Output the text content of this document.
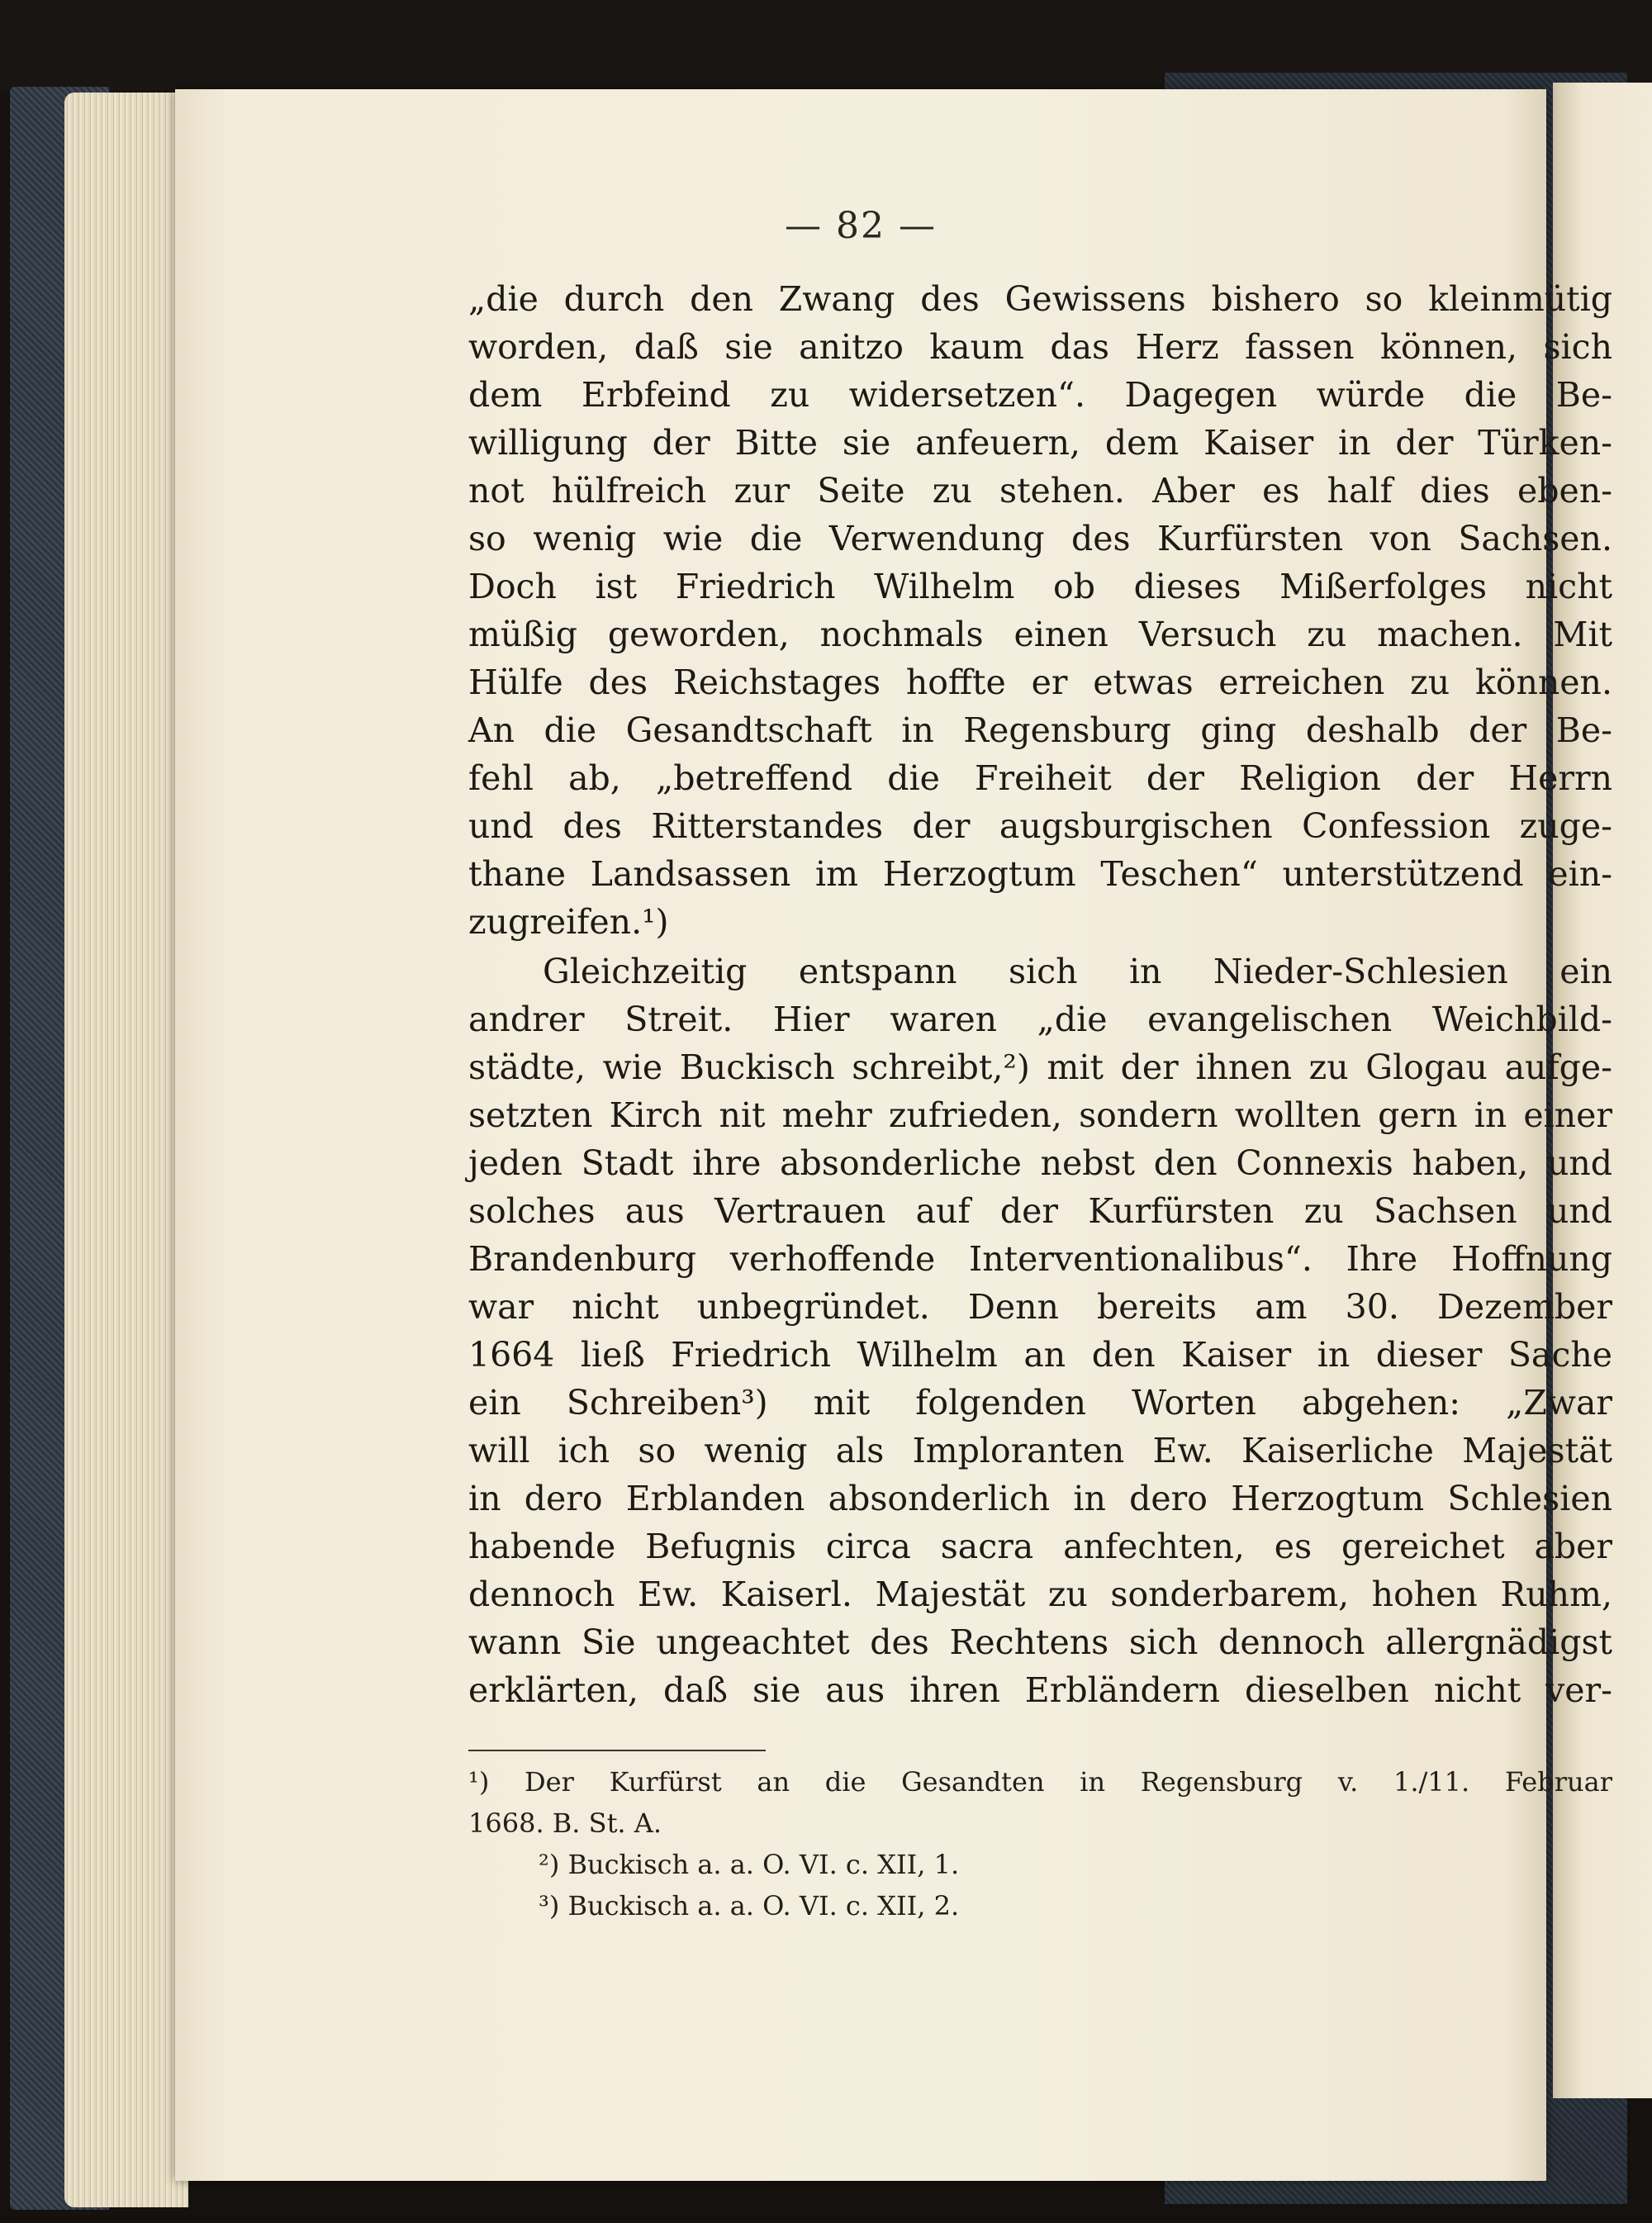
— 82 —
„die durch den Zwang des Gewissens bishero so kleinmütig
worden, daß sie anitzo kaum das Herz fassen können, sich
dem Erbfeind zu widersetzen“. Dagegen würde die Be-
willigung der Bitte sie anfeuern, dem Kaiser in der Türken-
not hülfreich zur Seite zu stehen. Aber es half dies eben-
so wenig wie die Verwendung des Kurfürsten von Sachsen.
Doch ist Friedrich Wilhelm ob dieses Mißerfolges nicht
müßig geworden, nochmals einen Versuch zu machen. Mit
Hülfe des Reichstages hoffte er etwas erreichen zu können.
An die Gesandtschaft in Regensburg ging deshalb der Be-
fehl ab, „betreffend die Freiheit der Religion der Herrn
und des Ritterstandes der augsburgischen Confession zuge-
thane Landsassen im Herzogtum Teschen“ unterstützend ein-
zugreifen.¹)
Gleichzeitig entspann sich in Nieder-Schlesien ein
andrer Streit. Hier waren „die evangelischen Weichbild-
städte, wie Buckisch schreibt,²) mit der ihnen zu Glogau aufge-
setzten Kirch nit mehr zufrieden, sondern wollten gern in einer
jeden Stadt ihre absonderliche nebst den Connexis haben, und
solches aus Vertrauen auf der Kurfürsten zu Sachsen und
Brandenburg verhoffende Interventionalibus“. Ihre Hoffnung
war nicht unbegründet. Denn bereits am 30. Dezember
1664 ließ Friedrich Wilhelm an den Kaiser in dieser Sache
ein Schreiben³) mit folgenden Worten abgehen: „Zwar
will ich so wenig als Imploranten Ew. Kaiserliche Majestät
in dero Erblanden absonderlich in dero Herzogtum Schlesien
habende Befugnis circa sacra anfechten, es gereichet aber
dennoch Ew. Kaiserl. Majestät zu sonderbarem, hohen Ruhm,
wann Sie ungeachtet des Rechtens sich dennoch allergnädigst
erklärten, daß sie aus ihren Erbländern dieselben nicht ver-
¹) Der Kurfürst an die Gesandten in Regensburg v. 1./11. Februar
1668. B. St. A.
²) Buckisch a. a. O. VI. c. XII, 1.
³) Buckisch a. a. O. VI. c. XII, 2.
